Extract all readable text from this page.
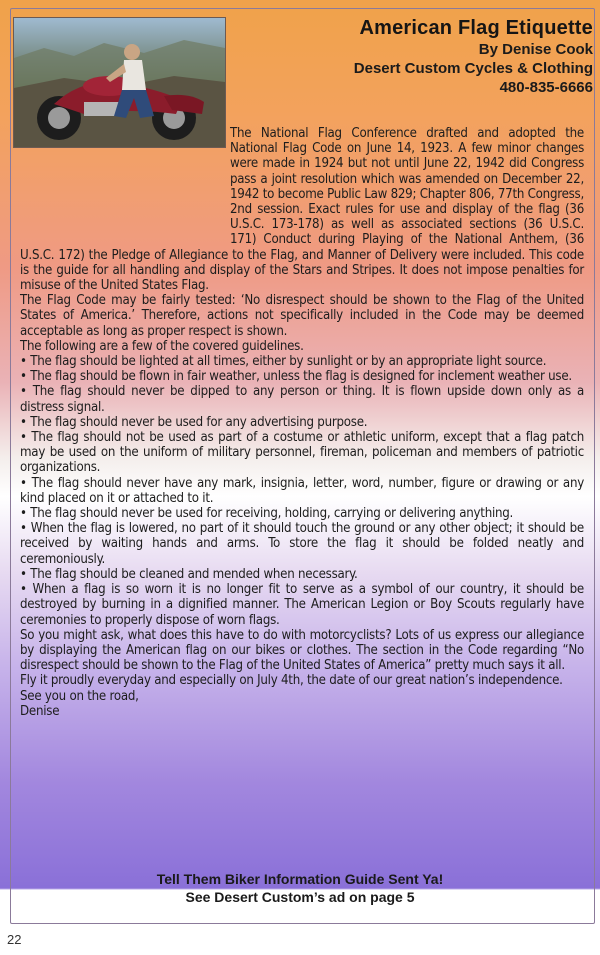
American Flag Etiquette
By Denise Cook
Desert Custom Cycles & Clothing
480-835-6666

The National Flag Conference drafted and adopted the National Flag Code on June 14, 1923. A few minor changes were made in 1924 but not until June 22, 1942 did Congress pass a joint resolution which was amended on December 22, 1942 to become Public Law 829; Chapter 806, 77th Congress, 2nd session. Exact rules for use and display of the flag (36 U.S.C. 173-178) as well as associated sections (36 U.S.C. 171) Conduct during Playing of the National Anthem, (36 U.S.C. 172) the Pledge of Allegiance to the Flag, and Manner of Delivery were included. This code is the guide for all handling and display of the Stars and Stripes. It does not impose penalties for misuse of the United States Flag.

The Flag Code may be fairly tested: ‘No disrespect should be shown to the Flag of the United States of America.’ Therefore, actions not specifically included in the Code may be deemed acceptable as long as proper respect is shown.

The following are a few of the covered guidelines.

• The flag should be lighted at all times, either by sunlight or by an appropriate light source.

• The flag should be flown in fair weather, unless the flag is designed for inclement weather use.

• The flag should never be dipped to any person or thing. It is flown upside down only as a distress signal.

• The flag should never be used for any advertising purpose.

• The flag should not be used as part of a costume or athletic uniform, except that a flag patch may be used on the uniform of military personnel, fireman, policeman and members of patriotic organizations.

• The flag should never have any mark, insignia, letter, word, number, figure or drawing or any kind placed on it or attached to it.

• The flag should never be used for receiving, holding, carrying or delivering anything.

• When the flag is lowered, no part of it should touch the ground or any other object; it should be received by waiting hands and arms. To store the flag it should be folded neatly and ceremoniously.

• The flag should be cleaned and mended when necessary.

• When a flag is so worn it is no longer fit to serve as a symbol of our country, it should be destroyed by burning in a dignified manner. The American Legion or Boy Scouts regularly have ceremonies to properly dispose of worn flags.

So you might ask, what does this have to do with motorcyclists? Lots of us express our allegiance by displaying the American flag on our bikes or clothes. The section in the Code regarding “No disrespect should be shown to the Flag of the United States of America” pretty much says it all.

Fly it proudly everyday and especially on July 4th, the date of our great nation’s independence.

See you on the road,

Denise

Tell Them Biker Information Guide Sent Ya!
See Desert Custom’s ad on page 5
22
